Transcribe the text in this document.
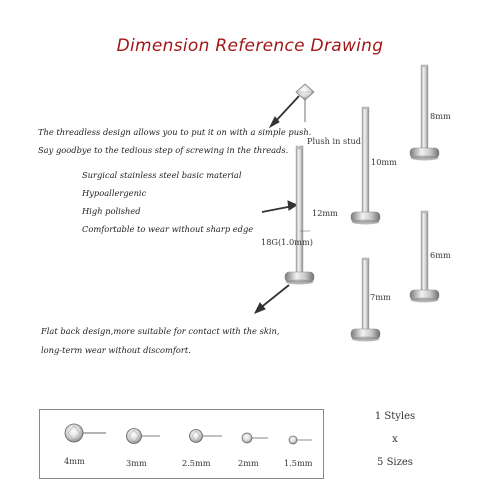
Dimension Reference Drawing
The threadless design allows you to put it on with a simple push.
Say goodbye to the tedious step of screwing in the threads.
Surgical stainless steel basic material
Hypoallergenic
High polished
Comfortable to wear without sharp edge
Flat back design,more suitable for contact with the skin,
long-term wear without discomfort.
Plush in stud
12mm
18G(1.0mm)
10mm
8mm
7mm
6mm
4mm	3mm	2.5mm	2mm	1.5mm
1 Styles
x
5 Sizes
